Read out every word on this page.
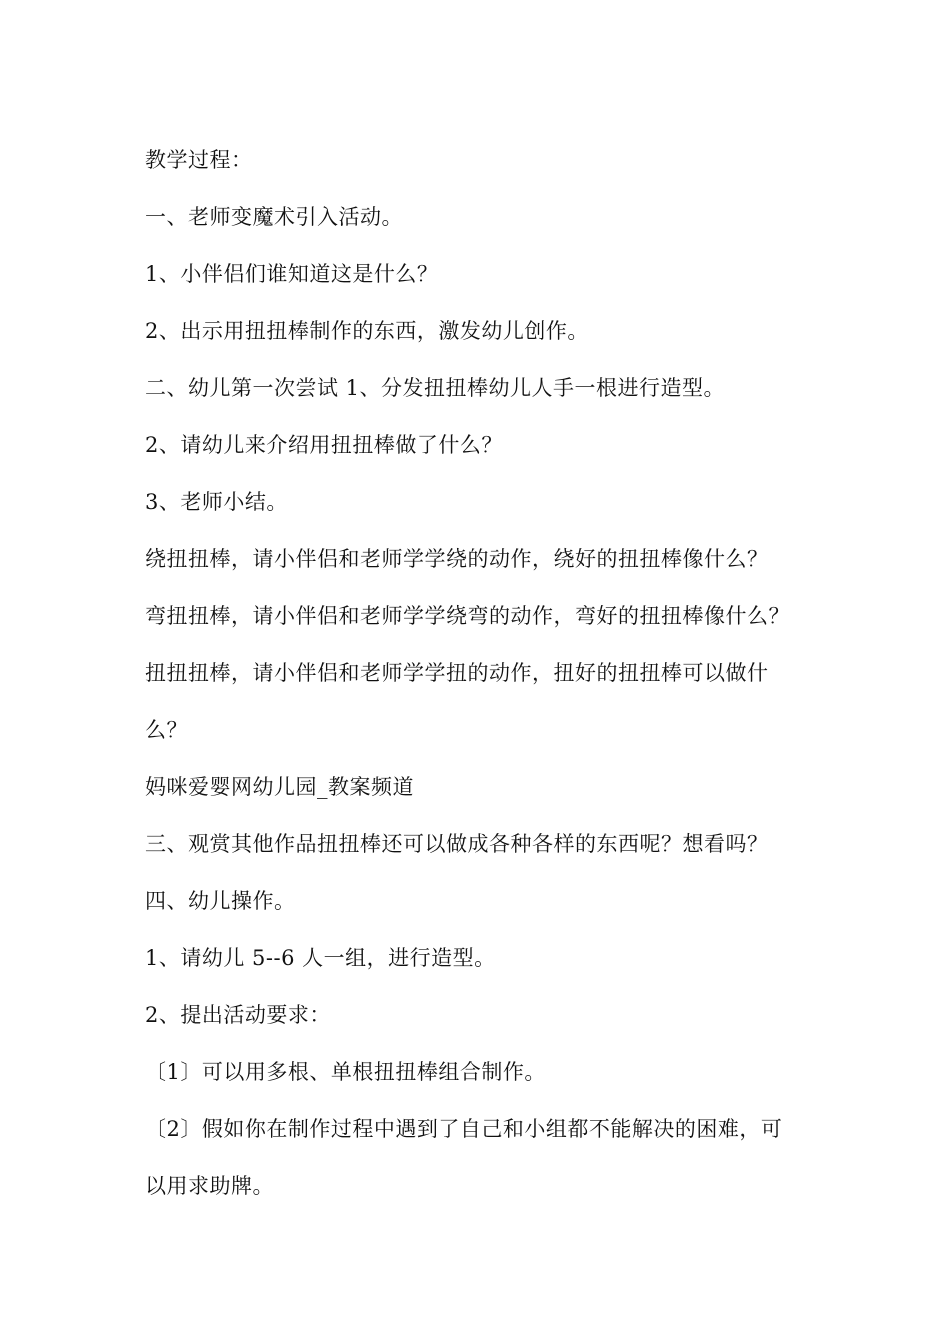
教学过程：
一、老师变魔术引入活动。
1、小伴侣们谁知道这是什么？
2、出示用扭扭棒制作的东西，激发幼儿创作。
二、幼儿第一次尝试 1、分发扭扭棒幼儿人手一根进行造型。
2、请幼儿来介绍用扭扭棒做了什么？
3、老师小结。
绕扭扭棒，请小伴侣和老师学学绕的动作，绕好的扭扭棒像什么？
弯扭扭棒，请小伴侣和老师学学绕弯的动作，弯好的扭扭棒像什么？
扭扭扭棒，请小伴侣和老师学学扭的动作，扭好的扭扭棒可以做什
么？
妈咪爱婴网幼儿园_教案频道
三、观赏其他作品扭扭棒还可以做成各种各样的东西呢？想看吗？
四、幼儿操作。
1、请幼儿 5--6 人一组，进行造型。
2、提出活动要求：
〔1〕可以用多根、单根扭扭棒组合制作。
〔2〕假如你在制作过程中遇到了自己和小组都不能解决的困难，可
以用求助牌。
